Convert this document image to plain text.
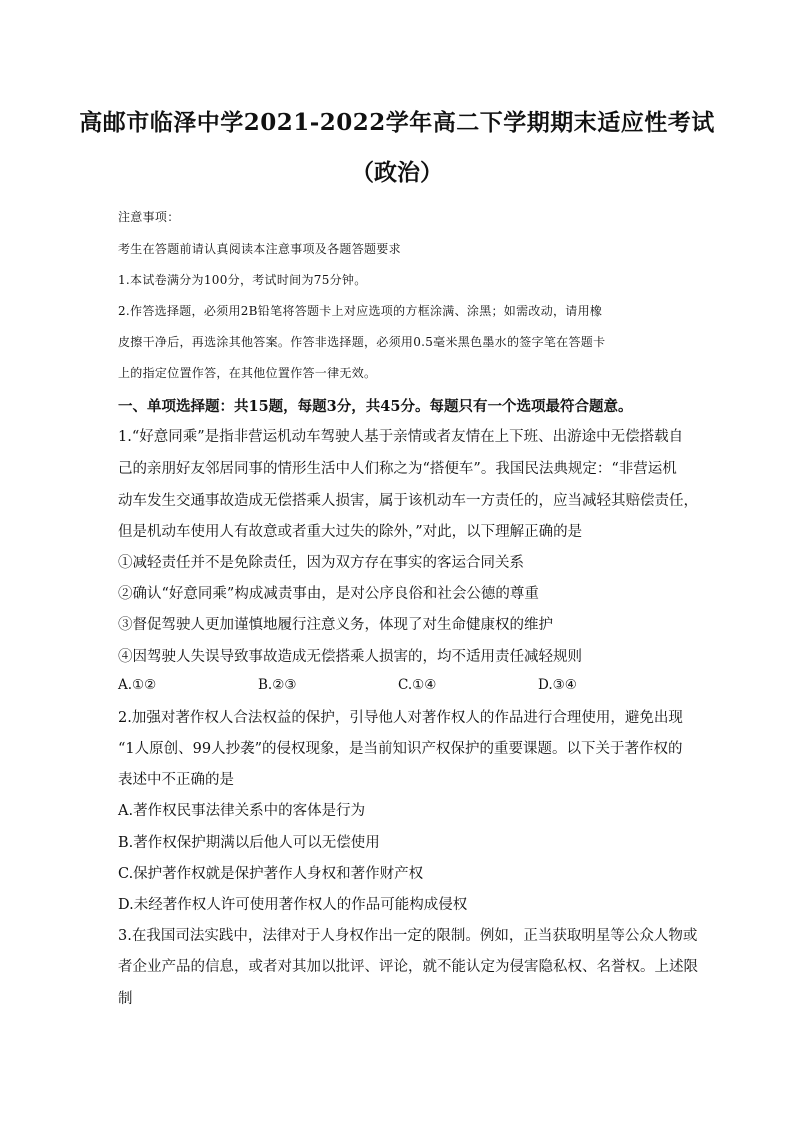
高邮市临泽中学2021-2022学年高二下学期期末适应性考试
（政治）
注意事项：
考生在答题前请认真阅读本注意事项及各题答题要求
1.本试卷满分为100分，考试时间为75分钟。
2.作答选择题，必须用2B铅笔将答题卡上对应选项的方框涂满、涂黑；如需改动，请用橡
皮擦干净后，再选涂其他答案。作答非选择题，必须用0.5毫米黑色墨水的签字笔在答题卡
上的指定位置作答，在其他位置作答一律无效。
一、单项选择题：共15题，每题3分，共45分。每题只有一个选项最符合题意。
1.“好意同乘”是指非营运机动车驾驶人基于亲情或者友情在上下班、出游途中无偿搭载自
己的亲朋好友邻居同事的情形生活中人们称之为“搭便车”。我国民法典规定：“非营运机
动车发生交通事故造成无偿搭乘人损害，属于该机动车一方责任的，应当减轻其赔偿责任，
但是机动车使用人有故意或者重大过失的除外，”对此，以下理解正确的是
①减轻责任并不是免除责任，因为双方存在事实的客运合同关系
②确认“好意同乘”构成减责事由，是对公序良俗和社会公德的尊重
③督促驾驶人更加谨慎地履行注意义务，体现了对生命健康权的维护
④因驾驶人失误导致事故造成无偿搭乘人损害的，均不适用责任减轻规则
A.①②	B.②③	C.①④	D.③④
2.加强对著作权人合法权益的保护，引导他人对著作权人的作品进行合理使用，避免出现
“1人原创、99人抄袭”的侵权现象，是当前知识产权保护的重要课题。以下关于著作权的
表述中不正确的是
A.著作权民事法律关系中的客体是行为
B.著作权保护期满以后他人可以无偿使用
C.保护著作权就是保护著作人身权和著作财产权
D.未经著作权人许可使用著作权人的作品可能构成侵权
3.在我国司法实践中，法律对于人身权作出一定的限制。例如，正当获取明星等公众人物或
者企业产品的信息，或者对其加以批评、评论，就不能认定为侵害隐私权、名誉权。上述限
制
